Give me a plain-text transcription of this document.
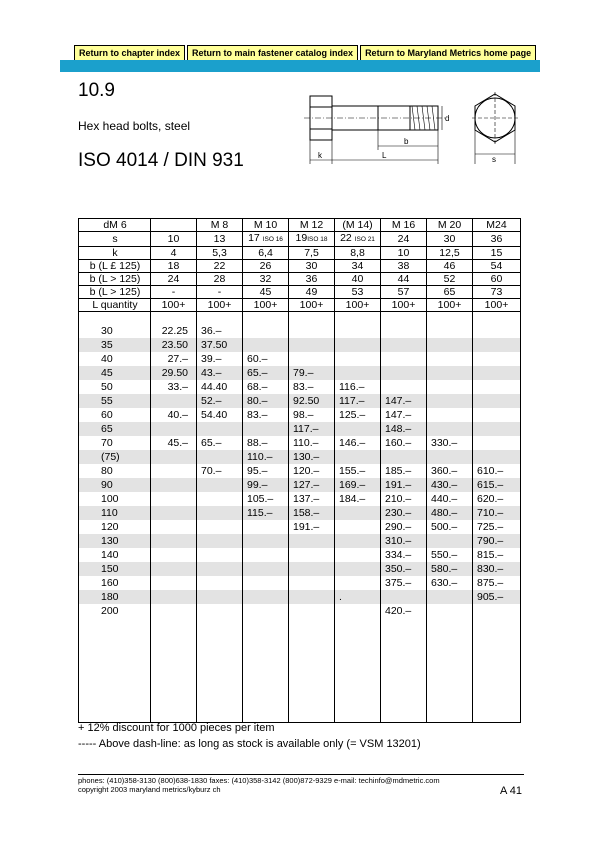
Return to chapter index	Return to main fastener catalog index	Return to Maryland Metrics home page
10.9
Hex head bolts, steel
ISO 4014 / DIN 931	k	L
b
d
s
dM 6		M 8	M 10	M 12	(M 14)	M 16	M 20	M24
s	10	13	17 ISO 16	19ISO 18	22 ISO 21	24	30	36
k	4	5,3	6,4	7,5	8,8	10	12,5	15
b (L £ 125)	18	22	26	30	34	38	46	54
b (L > 125)	24	28	32	36	40	44	52	60
b (L > 125)	-	-	45	49	53	57	65	73
L quantity	100+	100+	100+	100+	100+	100+	100+	100+

30	22.25	36.–						
35	23.50	37.50						
40	27.–	39.–	60.–					
45	29.50	43.–	65.–	79.–				
50	33.–	44.40	68.–	83.–	116.–			
55		52.–	80.–	92.50	117.–	147.–		
60	40.–	54.40	83.–	98.–	125.–	147.–		
65				117.–		148.–		
70	45.–	65.–	88.–	110.–	146.–	160.–	330.–	
(75)			110.–	130.–				
80		70.–	95.–	120.–	155.–	185.–	360.–	610.–
90			99.–	127.–	169.–	191.–	430.–	615.–
100			105.–	137.–	184.–	210.–	440.–	620.–
110			115.–	158.–		230.–	480.–	710.–
120				191.–		290.–	500.–	725.–
130						310.–		790.–
140						334.–	550.–	815.–
150						350.–	580.–	830.–
160						375.–	630.–	875.–
180					.			905.–
200						420.–		

+ 12% discount for 1000 pieces per item
----- Above dash-line: as long as stock is available only (= VSM 13201)
phones: (410)358-3130 (800)638-1830 faxes: (410)358-3142 (800)872-9329 e-mail: techinfo@mdmetric.com
copyright 2003 maryland metrics/kyburz ch	A 41
